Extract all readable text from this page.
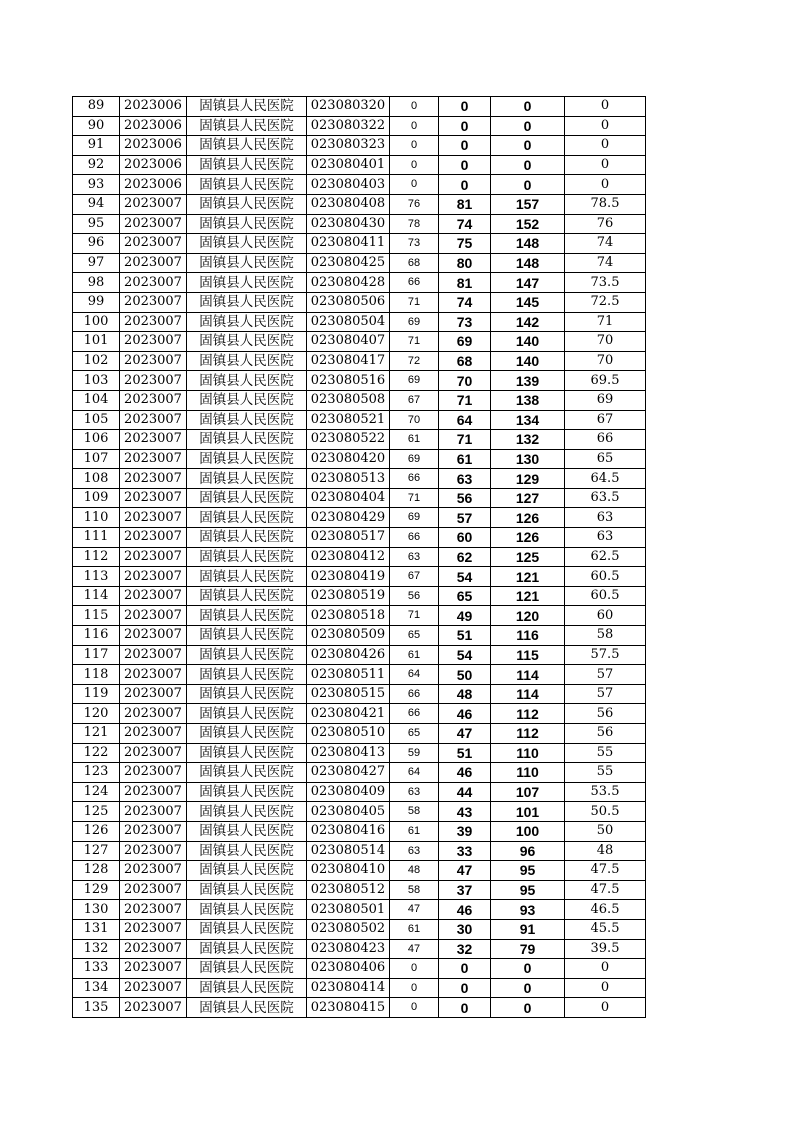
89	2023006	固镇县人民医院	023080320	0	0	0	0
90	2023006	固镇县人民医院	023080322	0	0	0	0
91	2023006	固镇县人民医院	023080323	0	0	0	0
92	2023006	固镇县人民医院	023080401	0	0	0	0
93	2023006	固镇县人民医院	023080403	0	0	0	0
94	2023007	固镇县人民医院	023080408	76	81	157	78.5
95	2023007	固镇县人民医院	023080430	78	74	152	76
96	2023007	固镇县人民医院	023080411	73	75	148	74
97	2023007	固镇县人民医院	023080425	68	80	148	74
98	2023007	固镇县人民医院	023080428	66	81	147	73.5
99	2023007	固镇县人民医院	023080506	71	74	145	72.5
100	2023007	固镇县人民医院	023080504	69	73	142	71
101	2023007	固镇县人民医院	023080407	71	69	140	70
102	2023007	固镇县人民医院	023080417	72	68	140	70
103	2023007	固镇县人民医院	023080516	69	70	139	69.5
104	2023007	固镇县人民医院	023080508	67	71	138	69
105	2023007	固镇县人民医院	023080521	70	64	134	67
106	2023007	固镇县人民医院	023080522	61	71	132	66
107	2023007	固镇县人民医院	023080420	69	61	130	65
108	2023007	固镇县人民医院	023080513	66	63	129	64.5
109	2023007	固镇县人民医院	023080404	71	56	127	63.5
110	2023007	固镇县人民医院	023080429	69	57	126	63
111	2023007	固镇县人民医院	023080517	66	60	126	63
112	2023007	固镇县人民医院	023080412	63	62	125	62.5
113	2023007	固镇县人民医院	023080419	67	54	121	60.5
114	2023007	固镇县人民医院	023080519	56	65	121	60.5
115	2023007	固镇县人民医院	023080518	71	49	120	60
116	2023007	固镇县人民医院	023080509	65	51	116	58
117	2023007	固镇县人民医院	023080426	61	54	115	57.5
118	2023007	固镇县人民医院	023080511	64	50	114	57
119	2023007	固镇县人民医院	023080515	66	48	114	57
120	2023007	固镇县人民医院	023080421	66	46	112	56
121	2023007	固镇县人民医院	023080510	65	47	112	56
122	2023007	固镇县人民医院	023080413	59	51	110	55
123	2023007	固镇县人民医院	023080427	64	46	110	55
124	2023007	固镇县人民医院	023080409	63	44	107	53.5
125	2023007	固镇县人民医院	023080405	58	43	101	50.5
126	2023007	固镇县人民医院	023080416	61	39	100	50
127	2023007	固镇县人民医院	023080514	63	33	96	48
128	2023007	固镇县人民医院	023080410	48	47	95	47.5
129	2023007	固镇县人民医院	023080512	58	37	95	47.5
130	2023007	固镇县人民医院	023080501	47	46	93	46.5
131	2023007	固镇县人民医院	023080502	61	30	91	45.5
132	2023007	固镇县人民医院	023080423	47	32	79	39.5
133	2023007	固镇县人民医院	023080406	0	0	0	0
134	2023007	固镇县人民医院	023080414	0	0	0	0
135	2023007	固镇县人民医院	023080415	0	0	0	0
